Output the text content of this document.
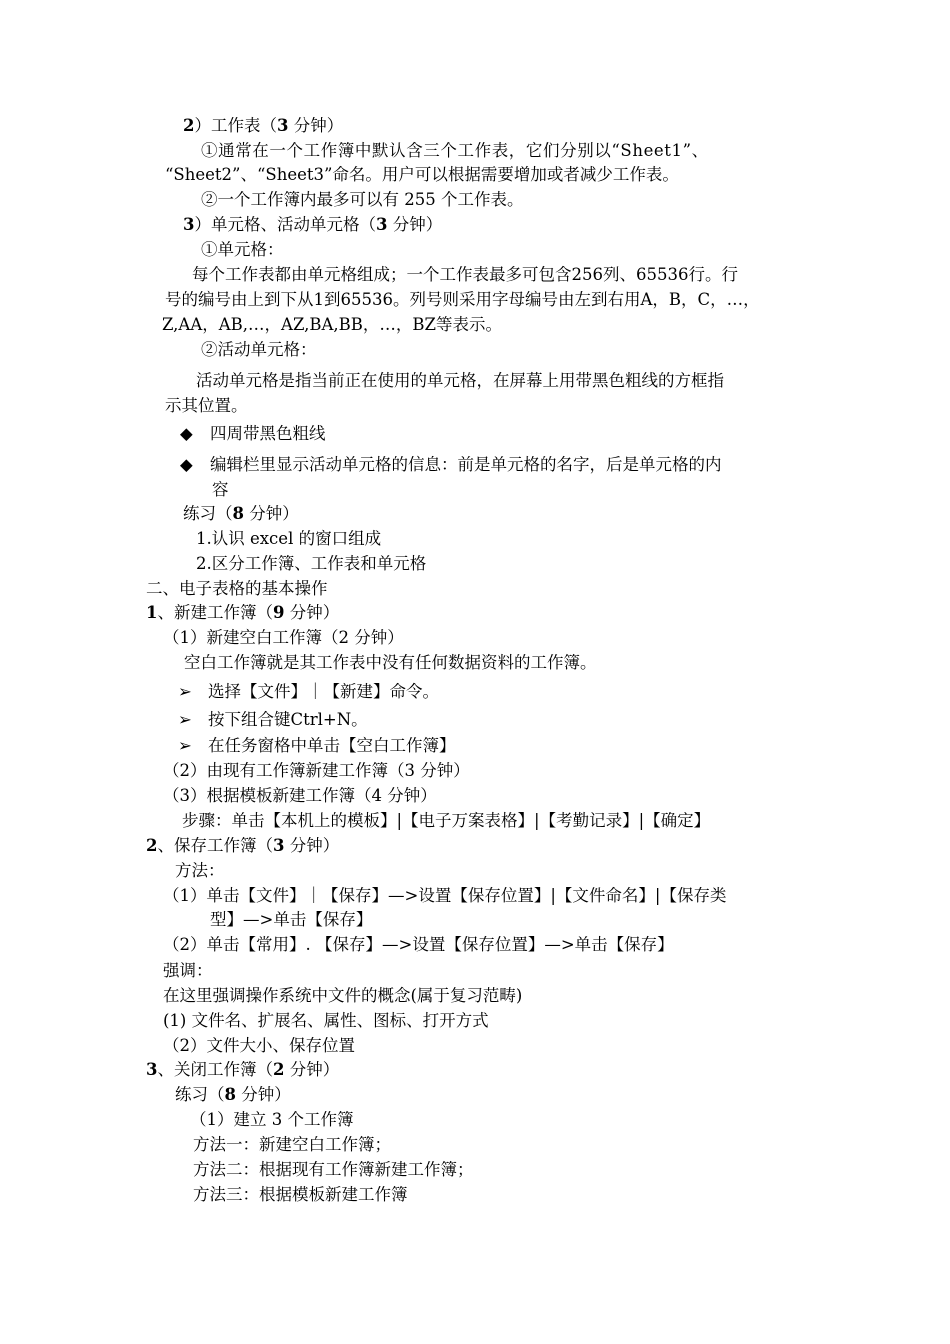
2）工作表（3 分钟）
①通常在一个工作簿中默认含三个工作表，它们分别以“Sheet1”、
“Sheet2”、“Sheet3”命名。用户可以根据需要增加或者减少工作表。
②一个工作簿内最多可以有 255 个工作表。
3）单元格、活动单元格（3 分钟）
①单元格：
每个工作表都由单元格组成；一个工作表最多可包含256列、65536行。行
号的编号由上到下从1到65536。列号则采用字母编号由左到右用A，B，C，…，
Z,AA，AB,…，AZ,BA,BB，…，BZ等表示。
②活动单元格：
活动单元格是指当前正在使用的单元格，在屏幕上用带黑色粗线的方框指
示其位置。
◆ 四周带黑色粗线
◆ 编辑栏里显示活动单元格的信息：前是单元格的名字，后是单元格的内
容
练习（8 分钟）
1.认识 excel 的窗口组成
2.区分工作簿、工作表和单元格
二、电子表格的基本操作
1、新建工作簿（9 分钟）
（1）新建空白工作簿（2 分钟）
空白工作簿就是其工作表中没有任何数据资料的工作簿。
➢ 选择【文件】｜【新建】命令。
➢ 按下组合键Ctrl+N。
➢ 在任务窗格中单击【空白工作簿】
（2）由现有工作簿新建工作簿（3 分钟）
（3）根据模板新建工作簿（4 分钟）
步骤：单击【本机上的模板】|【电子万案表格】|【考勤记录】|【确定】
2、保存工作簿（3 分钟）
方法：
（1）单击【文件】｜【保存】—>设置【保存位置】|【文件命名】|【保存类
型】—>单击【保存】
（2）单击【常用】. 【保存】—>设置【保存位置】—>单击【保存】
强调：
在这里强调操作系统中文件的概念(属于复习范畴)
(1) 文件名、扩展名、属性、图标、打开方式
（2）文件大小、保存位置
3、关闭工作簿（2 分钟）
练习（8 分钟）
（1）建立 3 个工作簿
方法一：新建空白工作簿；
方法二：根据现有工作簿新建工作簿；
方法三：根据模板新建工作簿
